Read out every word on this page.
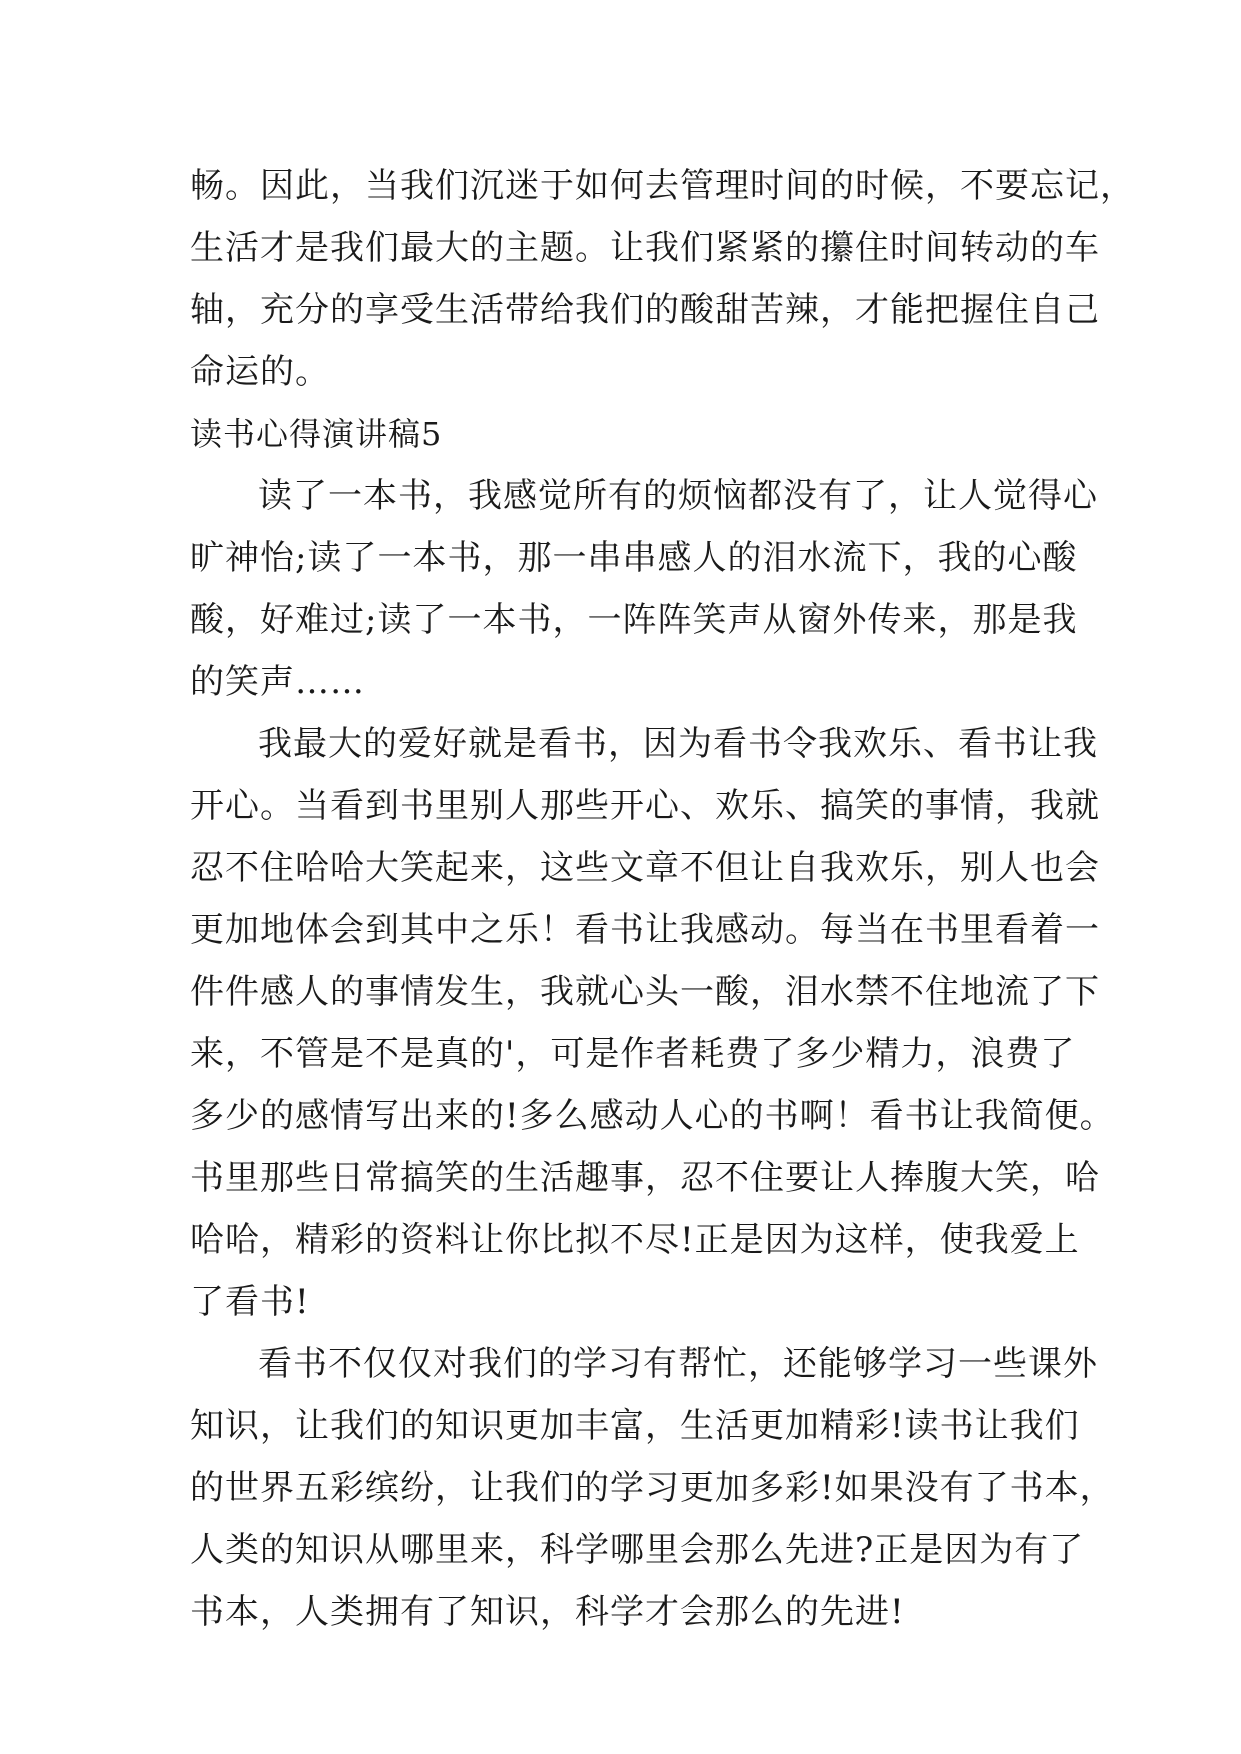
畅。因此，当我们沉迷于如何去管理时间的时候，不要忘记，
生活才是我们最大的主题。让我们紧紧的攥住时间转动的车
轴，充分的享受生活带给我们的酸甜苦辣，才能把握住自己
命运的。
读书心得演讲稿5
读了一本书，我感觉所有的烦恼都没有了，让人觉得心
旷神怡;读了一本书，那一串串感人的泪水流下，我的心酸
酸，好难过;读了一本书，一阵阵笑声从窗外传来，那是我
的笑声……
我最大的爱好就是看书，因为看书令我欢乐、看书让我
开心。当看到书里别人那些开心、欢乐、搞笑的事情，我就
忍不住哈哈大笑起来，这些文章不但让自我欢乐，别人也会
更加地体会到其中之乐！看书让我感动。每当在书里看着一
件件感人的事情发生，我就心头一酸，泪水禁不住地流了下
来，不管是不是真的'，可是作者耗费了多少精力，浪费了
多少的感情写出来的!多么感动人心的书啊！看书让我简便。
书里那些日常搞笑的生活趣事，忍不住要让人捧腹大笑，哈
哈哈，精彩的资料让你比拟不尽!正是因为这样，使我爱上
了看书!
看书不仅仅对我们的学习有帮忙，还能够学习一些课外
知识，让我们的知识更加丰富，生活更加精彩!读书让我们
的世界五彩缤纷，让我们的学习更加多彩!如果没有了书本，
人类的知识从哪里来，科学哪里会那么先进?正是因为有了
书本，人类拥有了知识，科学才会那么的先进!
